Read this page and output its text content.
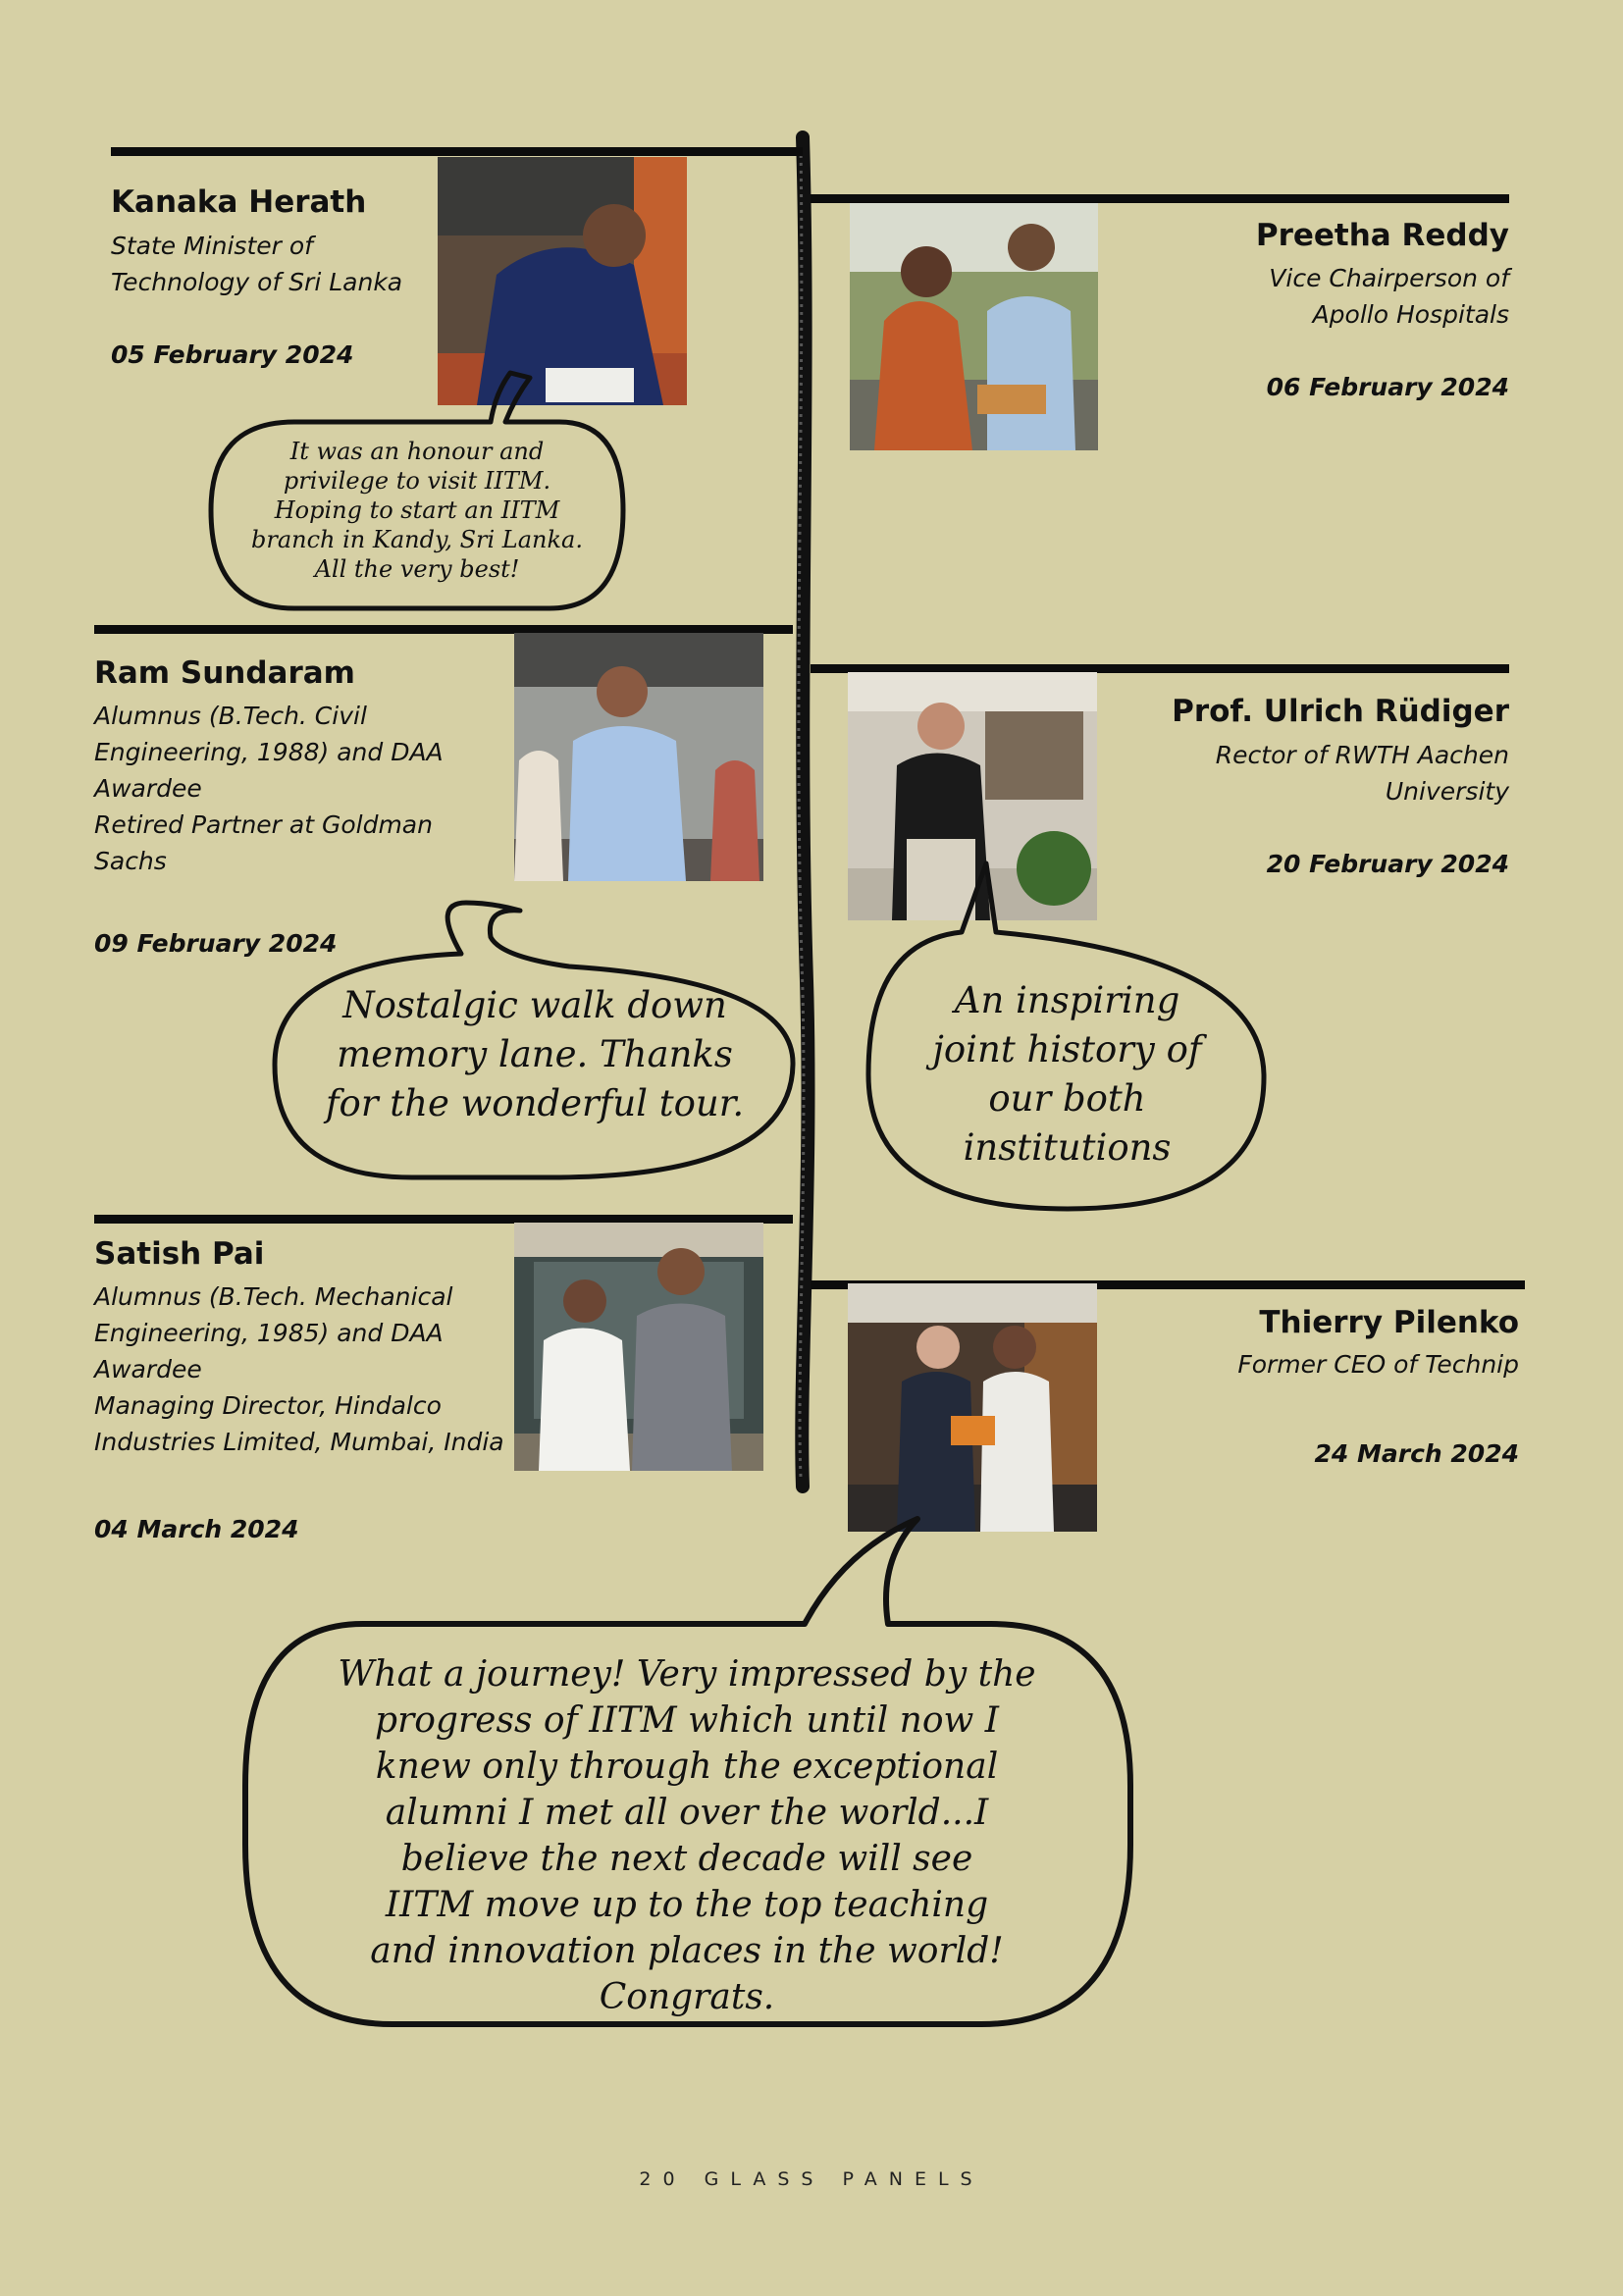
Kanaka Herath
State Minister of
Technology of Sri Lanka
05 February 2024
It was an honour and
privilege to visit IITM.
Hoping to start an IITM
branch in Kandy, Sri Lanka.
All the very best!
Preetha Reddy
Vice Chairperson of
Apollo Hospitals
06 February 2024
Ram Sundaram
Alumnus (B.Tech. Civil
Engineering, 1988) and DAA
Awardee
Retired Partner at Goldman
Sachs
09 February 2024
Nostalgic walk down
memory lane. Thanks
for the wonderful tour.
Prof. Ulrich Rüdiger
Rector of RWTH Aachen
University
20 February 2024
An inspiring
joint history of
our both
institutions
Satish Pai
Alumnus (B.Tech. Mechanical
Engineering, 1985) and DAA
Awardee
Managing Director, Hindalco
Industries Limited, Mumbai, India
04 March 2024
Thierry Pilenko
Former CEO of Technip
24 March 2024
What a journey! Very impressed by the
progress of IITM which until now I
knew only through the exceptional
alumni I met all over the world...I
believe the next decade will see
IITM move up to the top teaching
and innovation places in the world!
Congrats.
20 GLASS PANELS
